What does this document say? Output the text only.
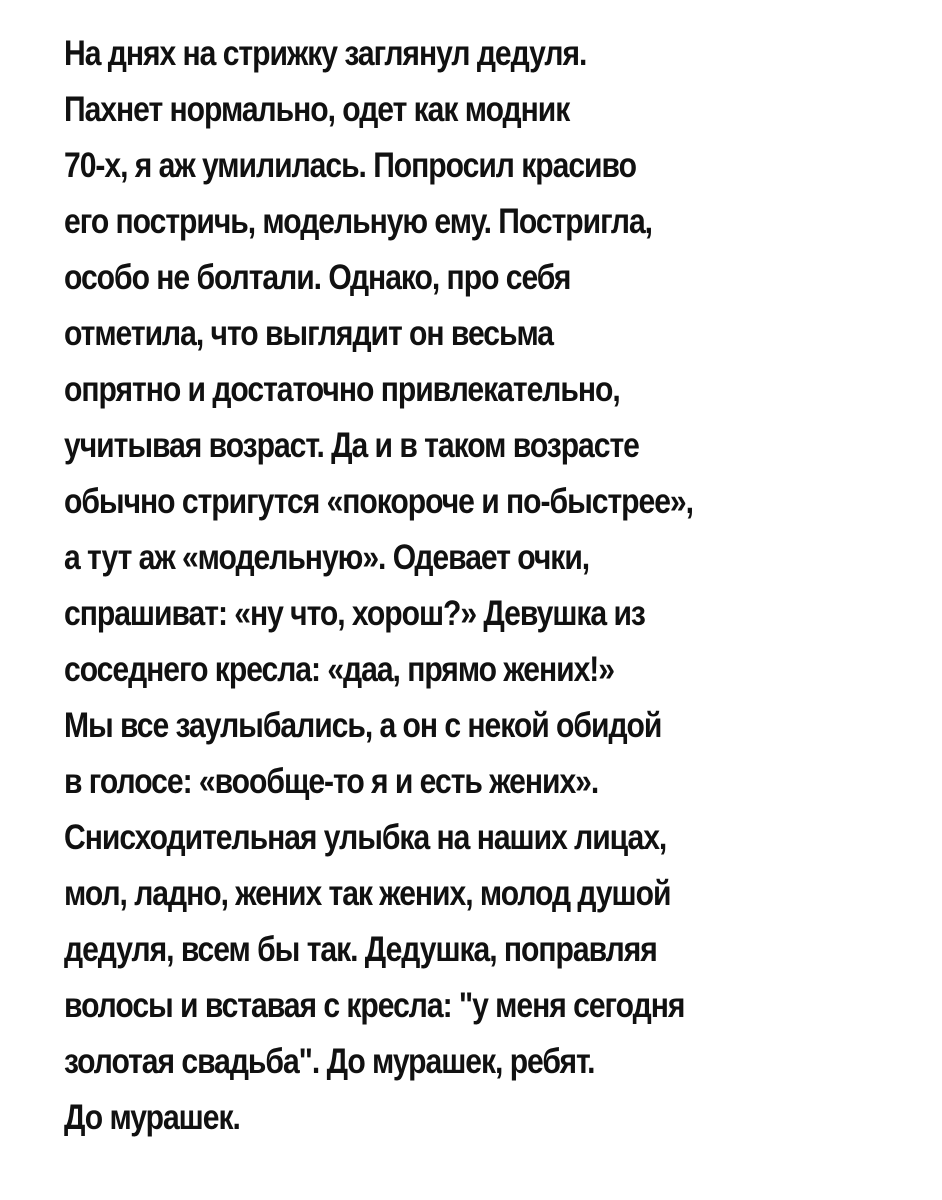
На днях на стрижку заглянул дедуля.
Пахнет нормально, одет как модник
70-х, я аж умилилась. Попросил красиво
его постричь, модельную ему. Постригла,
особо не болтали. Однако, про себя
отметила, что выглядит он весьма
опрятно и достаточно привлекательно,
учитывая возраст. Да и в таком возрасте
обычно стригутся «покороче и по-быстрее»,
а тут аж «модельную». Одевает очки,
спрашиват: «ну что, хорош?» Девушка из
соседнего кресла: «даа, прямо жених!»
Мы все заулыбались, а он с некой обидой
в голосе: «вообще-то я и есть жених».
Снисходительная улыбка на наших лицах,
мол, ладно, жених так жених, молод душой
дедуля, всем бы так. Дедушка, поправляя
волосы и вставая с кресла: "у меня сегодня
золотая свадьба". До мурашек, ребят.
До мурашек.
